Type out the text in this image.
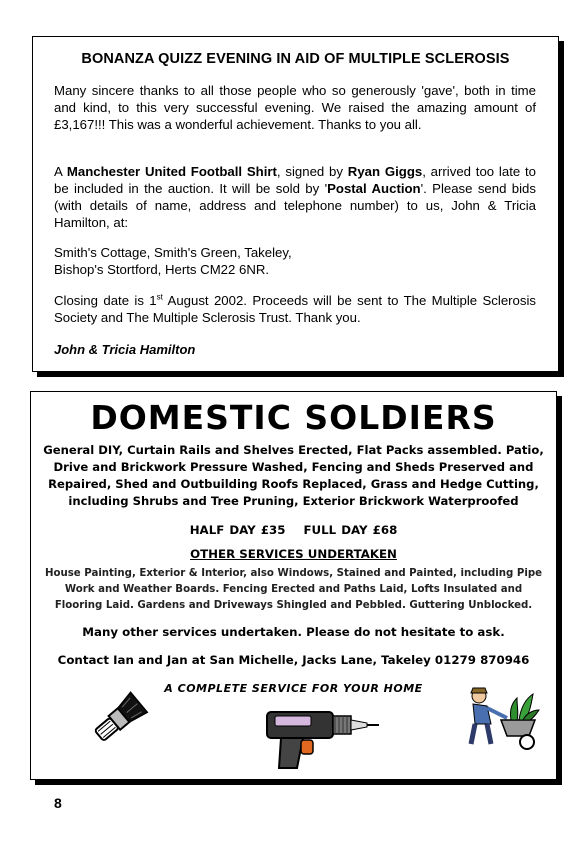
BONANZA QUIZZ EVENING IN AID OF MULTIPLE SCLEROSIS

Many sincere thanks to all those people who so generously 'gave', both in time and kind, to this very successful evening. We raised the amazing amount of £3,167!!! This was a wonderful achievement. Thanks to you all.

A Manchester United Football Shirt, signed by Ryan Giggs, arrived too late to be included in the auction. It will be sold by 'Postal Auction'. Please send bids (with details of name, address and telephone number) to us, John & Tricia Hamilton, at:

Smith's Cottage, Smith's Green, Takeley,
Bishop's Stortford, Herts CM22 6NR.

Closing date is 1st August 2002. Proceeds will be sent to The Multiple Sclerosis Society and The Multiple Sclerosis Trust. Thank you.

John & Tricia Hamilton
DOMESTIC SOLDIERS
General DIY, Curtain Rails and Shelves Erected, Flat Packs assembled. Patio, Drive and Brickwork Pressure Washed, Fencing and Sheds Preserved and Repaired, Shed and Outbuilding Roofs Replaced, Grass and Hedge Cutting, including Shrubs and Tree Pruning, Exterior Brickwork Waterproofed
HALF DAY £35 FULL DAY £68
OTHER SERVICES UNDERTAKEN
House Painting, Exterior & Interior, also Windows, Stained and Painted, including Pipe Work and Weather Boards. Fencing Erected and Paths Laid, Lofts Insulated and Flooring Laid. Gardens and Driveways Shingled and Pebbled. Guttering Unblocked.
Many other services undertaken. Please do not hesitate to ask.
Contact Ian and Jan at San Michelle, Jacks Lane, Takeley 01279 870946
A COMPLETE SERVICE FOR YOUR HOME
8
